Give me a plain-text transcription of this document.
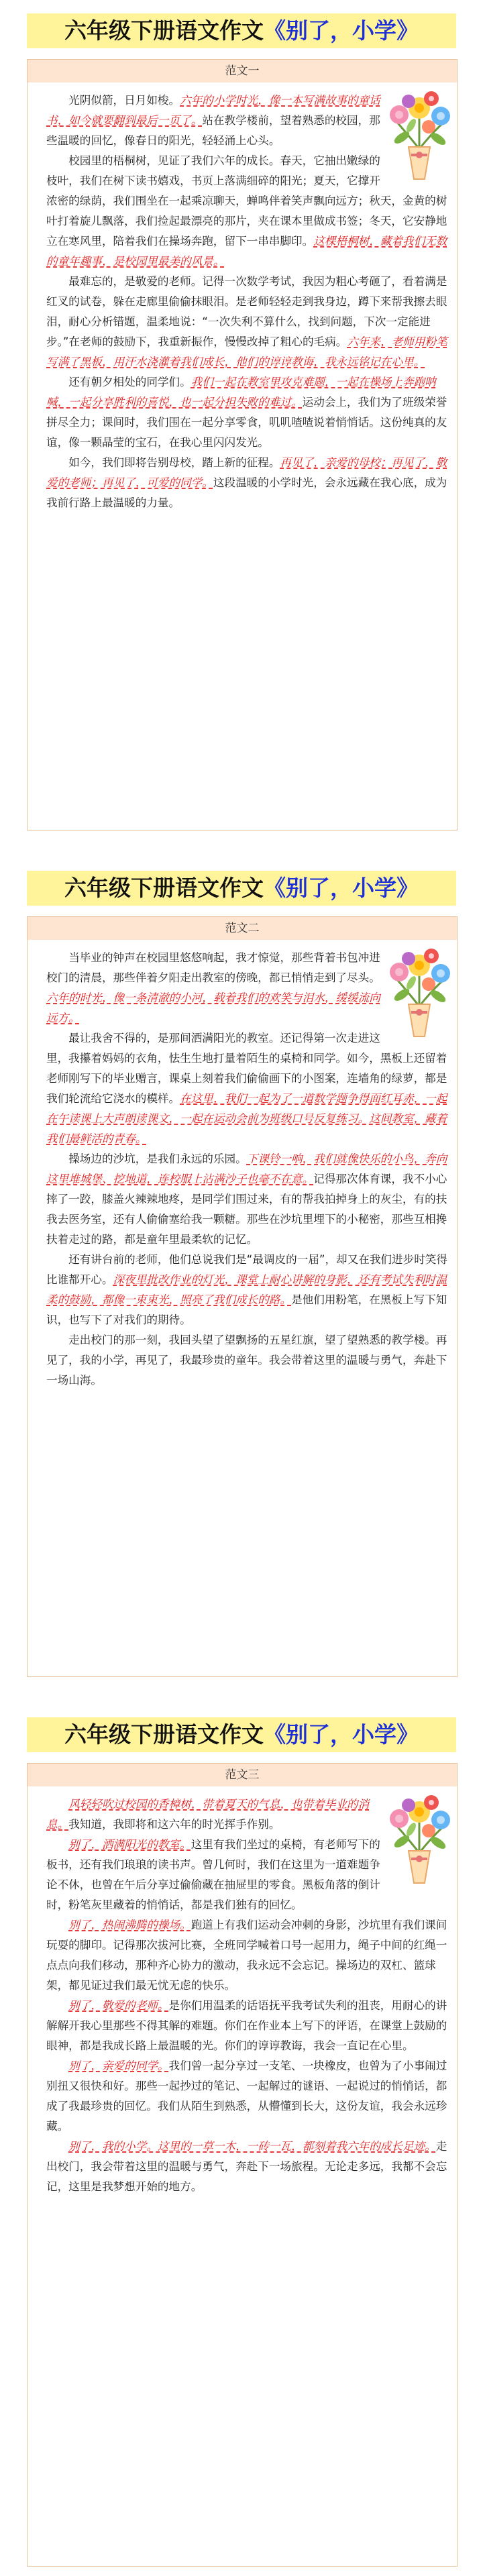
六年级下册语文作文《别了，小学》
范文一

光阴似箭，日月如梭。六年的小学时光，像一本写满故事的童话书，如今就要翻到最后一页了。站在教学楼前，望着熟悉的校园，那些温暖的回忆，像春日的阳光，轻轻涌上心头。

校园里的梧桐树，见证了我们六年的成长。春天，它抽出嫩绿的枝叶，我们在树下读书嬉戏，书页上落满细碎的阳光；夏天，它撑开浓密的绿荫，我们围坐在一起乘凉聊天，蝉鸣伴着笑声飘向远方；秋天，金黄的树叶打着旋儿飘落，我们捡起最漂亮的那片，夹在课本里做成书签；冬天，它安静地立在寒风里，陪着我们在操场奔跑，留下一串串脚印。这棵梧桐树，藏着我们无数的童年趣事，是校园里最美的风景。

最难忘的，是敬爱的老师。记得一次数学考试，我因为粗心考砸了，看着满是红叉的试卷，躲在走廊里偷偷抹眼泪。是老师轻轻走到我身边，蹲下来帮我擦去眼泪，耐心分析错题，温柔地说：“一次失利不算什么，找到问题，下次一定能进步。”在老师的鼓励下，我重新振作，慢慢改掉了粗心的毛病。六年来，老师用粉笔写满了黑板，用汗水浇灌着我们成长，他们的谆谆教诲，我永远铭记在心里。

还有朝夕相处的同学们。我们一起在教室里攻克难题，一起在操场上奔跑呐喊，一起分享胜利的喜悦，也一起分担失败的难过。运动会上，我们为了班级荣誉拼尽全力；课间时，我们围在一起分享零食，叽叽喳喳说着悄悄话。这份纯真的友谊，像一颗晶莹的宝石，在我心里闪闪发光。

如今，我们即将告别母校，踏上新的征程。再见了，亲爱的母校；再见了，敬爱的老师；再见了，可爱的同学。这段温暖的小学时光，会永远藏在我心底，成为我前行路上最温暖的力量。

六年级下册语文作文《别了，小学》
范文二

当毕业的钟声在校园里悠悠响起，我才惊觉，那些背着书包冲进校门的清晨，那些伴着夕阳走出教室的傍晚，都已悄悄走到了尽头。六年的时光，像一条清澈的小河，载着我们的欢笑与泪水，缓缓流向远方。

最让我舍不得的，是那间洒满阳光的教室。还记得第一次走进这里，我攥着妈妈的衣角，怯生生地打量着陌生的桌椅和同学。如今，黑板上还留着老师刚写下的毕业赠言，课桌上刻着我们偷偷画下的小图案，连墙角的绿萝，都是我们轮流给它浇水的模样。在这里，我们一起为了一道数学题争得面红耳赤，一起在午读课上大声朗读课文，一起在运动会前为班级口号反复练习。这间教室，藏着我们最鲜活的青春。

操场边的沙坑，是我们永远的乐园。下课铃一响，我们就像快乐的小鸟，奔向这里堆城堡、挖地道，连校服上沾满沙子也毫不在意。记得那次体育课，我不小心摔了一跤，膝盖火辣辣地疼，是同学们围过来，有的帮我拍掉身上的灰尘，有的扶我去医务室，还有人偷偷塞给我一颗糖。那些在沙坑里埋下的小秘密，那些互相搀扶着走过的路，都是童年里最柔软的记忆。

还有讲台前的老师，他们总说我们是“最调皮的一届”，却又在我们进步时笑得比谁都开心。深夜里批改作业的灯光，课堂上耐心讲解的身影，还有考试失利时温柔的鼓励，都像一束束光，照亮了我们成长的路。是他们用粉笔，在黑板上写下知识，也写下了对我们的期待。

走出校门的那一刻，我回头望了望飘扬的五星红旗，望了望熟悉的教学楼。再见了，我的小学，再见了，我最珍贵的童年。我会带着这里的温暖与勇气，奔赴下一场山海。

六年级下册语文作文《别了，小学》
范文三

风轻轻吹过校园的香樟树，带着夏天的气息，也带着毕业的消息。我知道，我即将和这六年的时光挥手作别。

别了，洒满阳光的教室。这里有我们坐过的桌椅，有老师写下的板书，还有我们琅琅的读书声。曾几何时，我们在这里为一道难题争论不休，也曾在午后分享过偷偷藏在抽屉里的零食。黑板角落的倒计时，粉笔灰里藏着的悄悄话，都是我们独有的回忆。

别了，热闹沸腾的操场。跑道上有我们运动会冲刺的身影，沙坑里有我们课间玩耍的脚印。记得那次拔河比赛，全班同学喊着口号一起用力，绳子中间的红绳一点点向我们移动，那种齐心协力的激动，我永远不会忘记。操场边的双杠、篮球架，都见证过我们最无忧无虑的快乐。

别了，敬爱的老师。是你们用温柔的话语抚平我考试失利的沮丧，用耐心的讲解解开我心里那些不得其解的难题。你们在作业本上写下的评语，在课堂上鼓励的眼神，都是我成长路上最温暖的光。你们的谆谆教诲，我会一直记在心里。

别了，亲爱的同学。我们曾一起分享过一支笔、一块橡皮，也曾为了小事闹过别扭又很快和好。那些一起抄过的笔记、一起解过的谜语、一起说过的悄悄话，都成了我最珍贵的回忆。我们从陌生到熟悉，从懵懂到长大，这份友谊，我会永远珍藏。

别了，我的小学。这里的一草一木，一砖一瓦，都刻着我六年的成长足迹。走出校门，我会带着这里的温暖与勇气，奔赴下一场旅程。无论走多远，我都不会忘记，这里是我梦想开始的地方。
